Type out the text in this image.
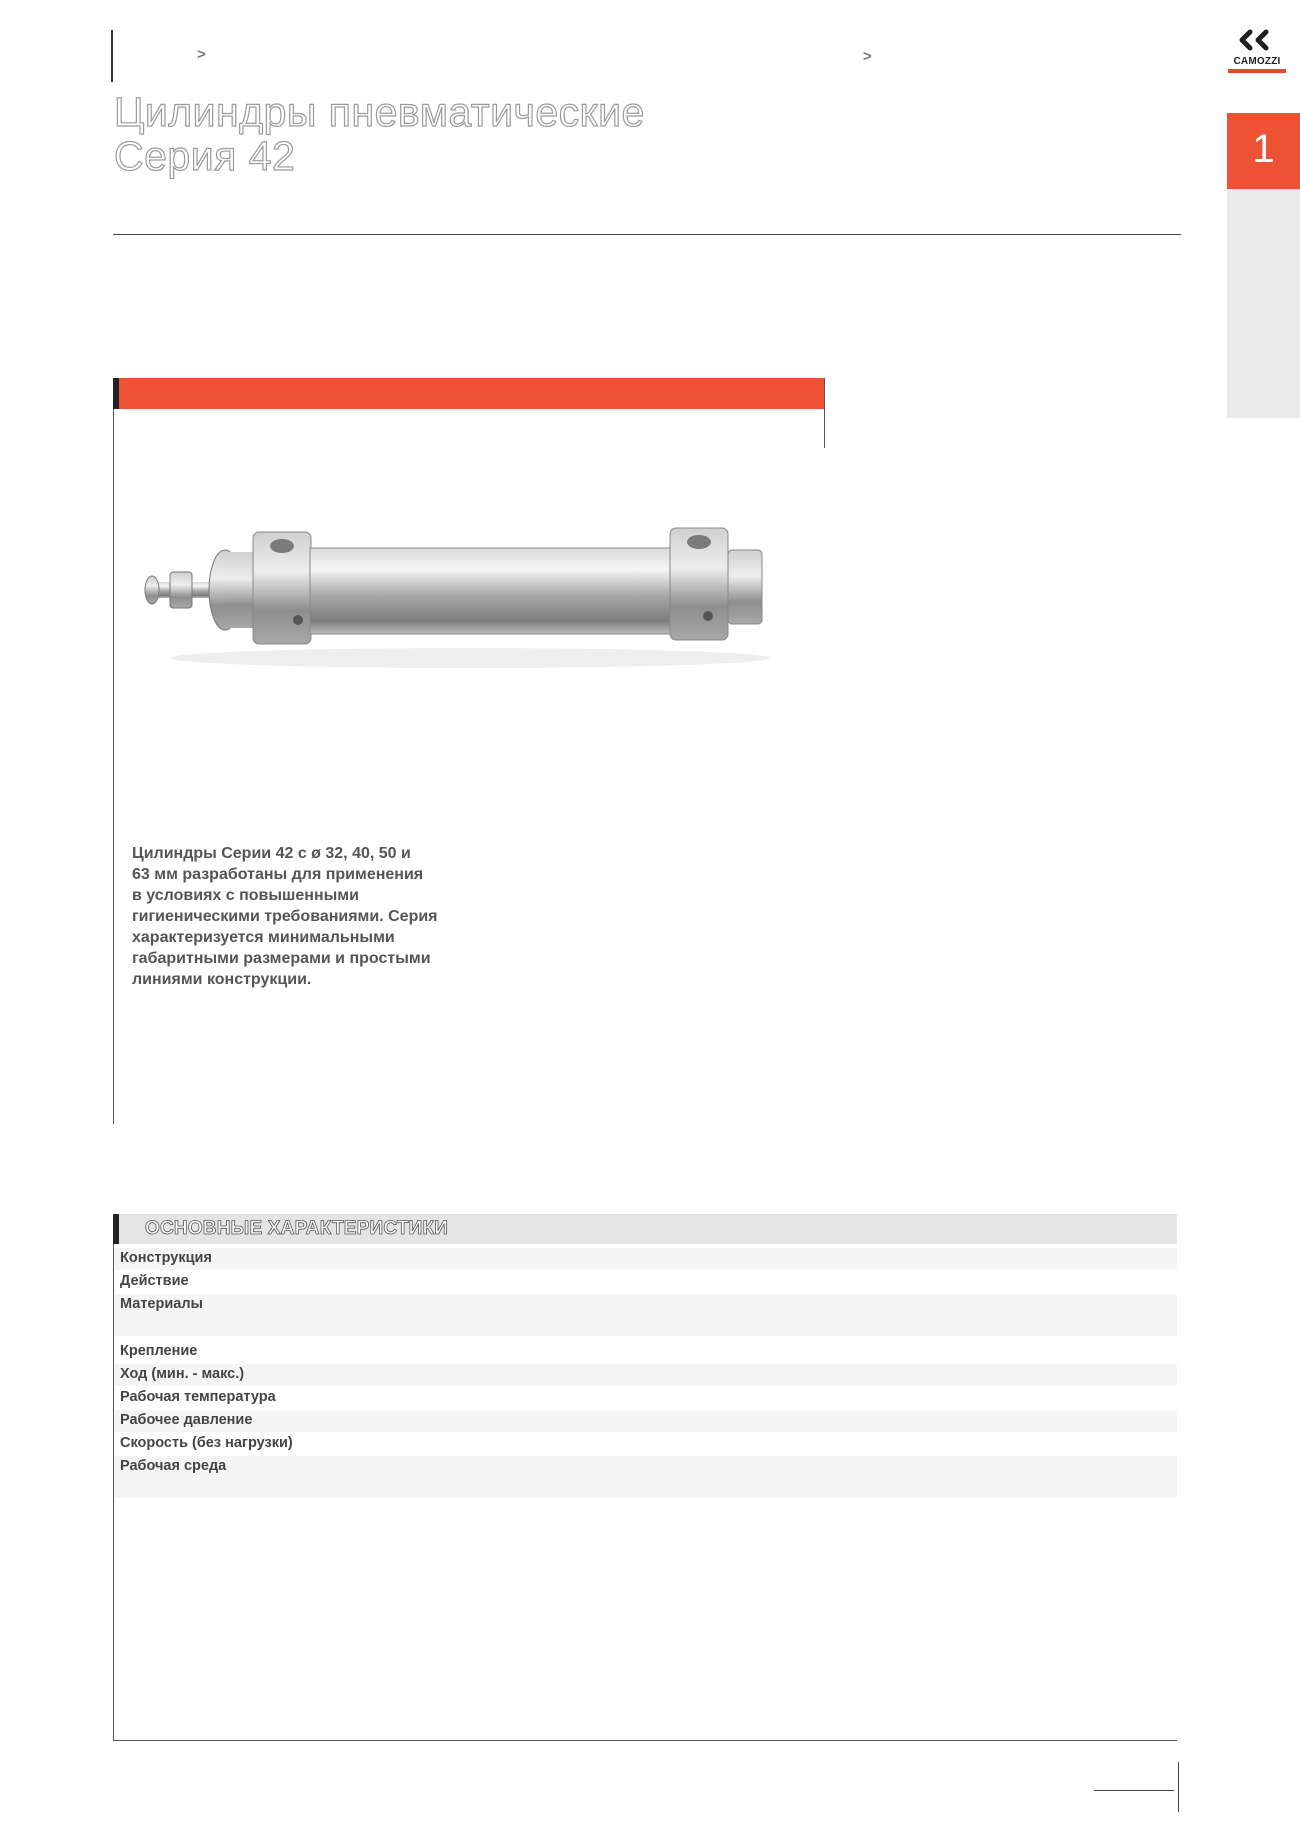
>	>
Цилиндры пневматические
Серия 42
CAMOZZI
1
Цилиндры Серии 42 с ø 32, 40, 50 и
63 мм разработаны для применения
в условиях с повышенными
гигиеническими требованиями. Серия
характеризуется минимальными
габаритными размерами и простыми
линиями конструкции.
ОСНОВНЫЕ ХАРАКТЕРИСТИКИ
Конструкция
Действие
Материалы
Крепление
Ход (мин. - макс.)
Рабочая температура
Рабочее давление
Скорость (без нагрузки)
Рабочая среда
